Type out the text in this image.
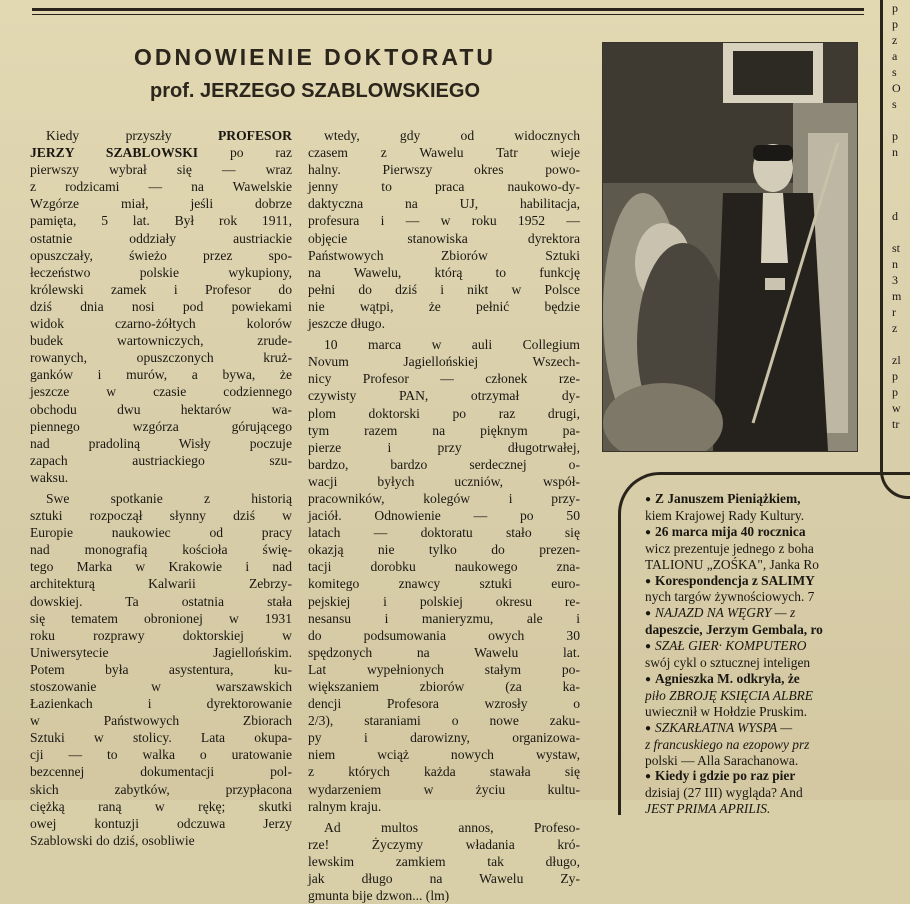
ODNOWIENIE DOKTORATU
prof. JERZEGO SZABLOWSKIEGO
Kiedy przyszły PROFESOR
JERZY SZABLOWSKI po raz
pierwszy wybrał się — wraz
z rodzicami — na Wawelskie
Wzgórze miał, jeśli dobrze
pamięta, 5 lat. Był rok 1911,
ostatnie oddziały austriackie
opuszczały, świeżo przez spo-
łeczeństwo polskie wykupiony,
królewski zamek i Profesor do
dziś dnia nosi pod powiekami
widok czarno-żółtych kolorów
budek wartowniczych, zrude-
rowanych, opuszczonych kruż-
ganków i murów, a bywa, że
jeszcze w czasie codziennego
obchodu dwu hektarów wa-
piennego wzgórza górującego
nad pradoliną Wisły poczuje
zapach austriackiego szu-
waksu.
Swe spotkanie z historią
sztuki rozpoczął słynny dziś w
Europie naukowiec od pracy
nad monografią kościoła świę-
tego Marka w Krakowie i nad
architekturą Kalwarii Zebrzy-
dowskiej. Ta ostatnia stała
się tematem obronionej w 1931
roku rozprawy doktorskiej w
Uniwersytecie Jagiellońskim.
Potem była asystentura, ku-
stoszowanie w warszawskich
Łazienkach i dyrektorowanie
w Państwowych Zbiorach
Sztuki w stolicy. Lata okupa-
cji — to walka o uratowanie
bezcennej dokumentacji pol-
skich zabytków, przypłacona
ciężką raną w rękę; skutki
owej kontuzji odczuwa Jerzy
Szablowski do dziś, osobliwie
wtedy, gdy od widocznych
czasem z Wawelu Tatr wieje
halny. Pierwszy okres powo-
jenny to praca naukowo-dy-
daktyczna na UJ, habilitacja,
profesura i — w roku 1952 —
objęcie stanowiska dyrektora
Państwowych Zbiorów Sztuki
na Wawelu, którą to funkcję
pełni do dziś i nikt w Polsce
nie wątpi, że pełnić będzie
jeszcze długo.
10 marca w auli Collegium
Novum Jagiellońskiej Wszech-
nicy Profesor — członek rze-
czywisty PAN, otrzymał dy-
plom doktorski po raz drugi,
tym razem na pięknym pa-
pierze i przy długotrwałej,
bardzo, bardzo serdecznej o-
wacji byłych uczniów, współ-
pracowników, kolegów i przy-
jaciół. Odnowienie — po 50
latach — doktoratu stało się
okazją nie tylko do prezen-
tacji dorobku naukowego zna-
komitego znawcy sztuki euro-
pejskiej i polskiej okresu re-
nesansu i manieryzmu, ale i
do podsumowania owych 30
spędzonych na Wawelu lat.
Lat wypełnionych stałym po-
większaniem zbiorów (za ka-
dencji Profesora wzrosły o
2/3), staraniami o nowe zaku-
py i darowizny, organizowa-
niem wciąż nowych wystaw,
z których każda stawała się
wydarzeniem w życiu kultu-
ralnym kraju.
Ad multos annos, Profeso-
rze! Życzymy władania kró-
lewskim zamkiem tak długo,
jak długo na Wawelu Zy-
gmunta bije dzwon... (lm)
p
p
z
a
s
O
s

p
n

d

st
n
3
m
r
z

zl
p
p
w
tr
● Z Januszem Pieniążkiem,
kiem Krajowej Rady Kultury.
● 26 marca mija 40 rocznica
wicz prezentuje jednego z boha
TALIONU „ZOŚKA", Janka Ro
● Korespondencja z SALIMY
nych targów żywnościowych. 7
● NAJAZD NA WĘGRY — z
dapeszcie, Jerzym Gembala, ro
● SZAŁ GIER· KOMPUTERO
swój cykl o sztucznej inteligen
● Agnieszka M. odkryła, że
piło ZBROJĘ KSIĘCIA ALBRE
uwiecznił w Hołdzie Pruskim.
● SZKARŁATNA WYSPA —
z francuskiego na ezopowy prz
polski — Alla Sarachanowa.
● Kiedy i gdzie po raz pier
dzisiaj (27 III) wygląda? And
JEST PRIMA APRILIS.
